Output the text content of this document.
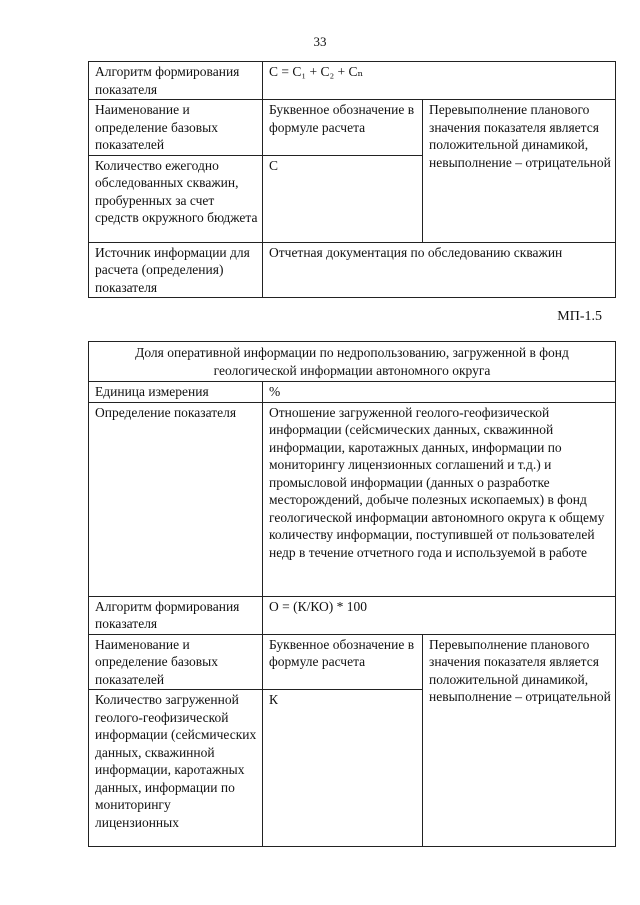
33
Алгоритм формирования показателя	C = C₁ + C₂ + Cₙ	
Наименование и определение базовых показателей	Буквенное обозначение в формуле расчета	Перевыполнение планового значения показателя является положительной динамикой, невыполнение – отрицательной
Количество ежегодно обследованных скважин, пробуренных за счет средств окружного бюджета	С	
Источник информации для расчета (определения) показателя	Отчетная документация по обследованию скважин	
МП-1.5
Доля оперативной информации по недропользованию, загруженной в фонд геологической информации автономного округа		
Единица измерения	%	
Определение показателя	Отношение загруженной геолого-геофизической информации (сейсмических данных, скважинной информации, каротажных данных, информации по мониторингу лицензионных соглашений и т.д.) и промысловой информации (данных о разработке месторождений, добыче полезных ископаемых) в фонд геологической информации автономного округа к общему количеству информации, поступившей от пользователей недр в течение отчетного года и используемой в работе	
Алгоритм формирования показателя	О = (К/КО) * 100	
Наименование и определение базовых показателей	Буквенное обозначение в формуле расчета	Перевыполнение планового значения показателя является положительной динамикой, невыполнение – отрицательной
Количество загруженной геолого-геофизической информации (сейсмических данных, скважинной информации, каротажных данных, информации по мониторингу лицензионных	К	
